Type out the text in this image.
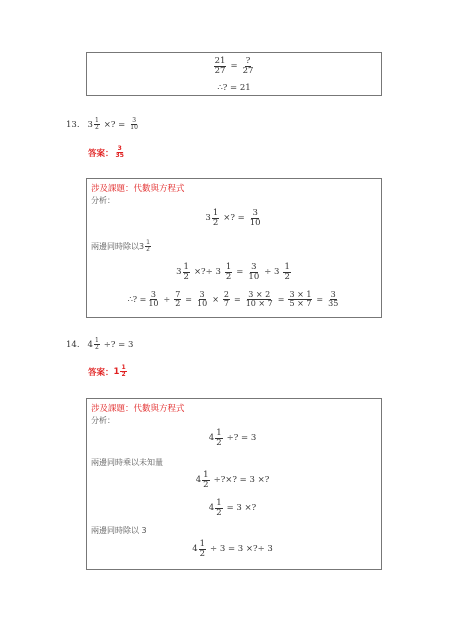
$\frac{21}{27} = \frac{?}{27}$
∴? = 21
13. $3 \frac{1}{2}$ ×? = $\frac{3}{10}$
答案： $\frac{3}{35}$
涉及課題：代數與方程式
分析：
$3 \frac{1}{2}$ ×? = $\frac{3}{10}$
兩邊同時除以$3 \frac{1}{2}$
$3 \frac{1}{2}$ ×?÷ $3 \frac{1}{2} = \frac{3}{10} \div 3 \frac{1}{2}$
∴? = $\frac{3}{10} \div \frac{7}{2} = \frac{3}{10} \times \frac{2}{7} = \frac{3 \times 2}{10 \times 7} = \frac{3 \times 1}{5 \times 7} = \frac{3}{35}$
14. $4 \frac{1}{2}$ ÷? = 3
答案： $1 \frac{1}{2}$
涉及課題：代數與方程式
分析：
$4 \frac{1}{2}$ ÷? = 3
兩邊同時乘以未知量
$4 \frac{1}{2}$ ÷?×? = 3 ×?
$4 \frac{1}{2} = 3$ ×?
兩邊同時除以 3
$4 \frac{1}{2} \div 3 = 3$ ×?÷ 3
